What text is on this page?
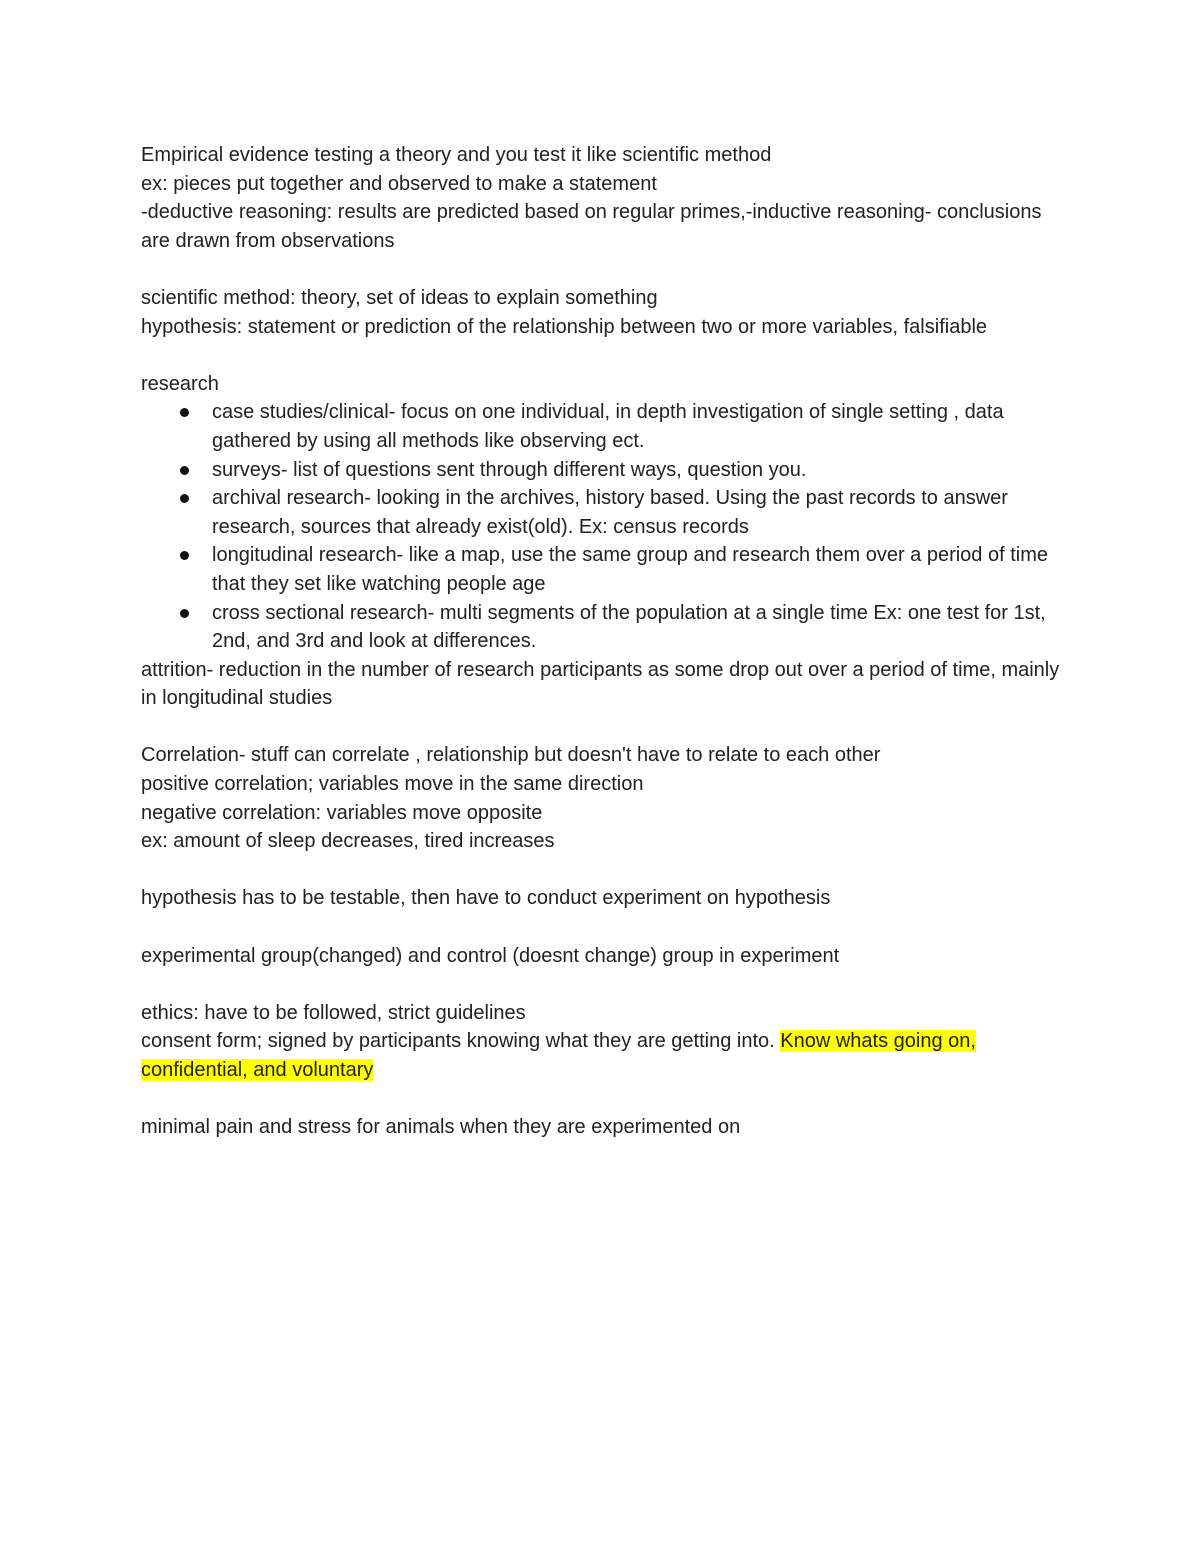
Empirical evidence testing a theory and you test it like scientific method

ex: pieces put together and observed to make a statement

-deductive reasoning: results are predicted based on regular primes,-inductive reasoning- conclusions are drawn from observations

scientific method: theory, set of ideas to explain something

hypothesis: statement or prediction of the relationship between two or more variables, falsifiable

research

case studies/clinical- focus on one individual, in depth investigation of single setting , data gathered by using all methods like observing ect.
surveys- list of questions sent through different ways, question you.
archival research- looking in the archives, history based. Using the past records to answer research, sources that already exist(old). Ex: census records
longitudinal research- like a map, use the same group and research them over a period of time that they set like watching people age
cross sectional research- multi segments of the population at a single time Ex: one test for 1st, 2nd, and 3rd and look at differences.

attrition- reduction in the number of research participants as some drop out over a period of time, mainly in longitudinal studies

Correlation- stuff can correlate , relationship but doesn't have to relate to each other

positive correlation; variables move in the same direction

negative correlation: variables move opposite

ex: amount of sleep decreases, tired increases

hypothesis has to be testable, then have to conduct experiment on hypothesis

experimental group(changed) and control (doesnt change) group in experiment

ethics: have to be followed, strict guidelines

consent form; signed by participants knowing what they are getting into. Know whats going on, confidential, and voluntary

minimal pain and stress for animals when they are experimented on
